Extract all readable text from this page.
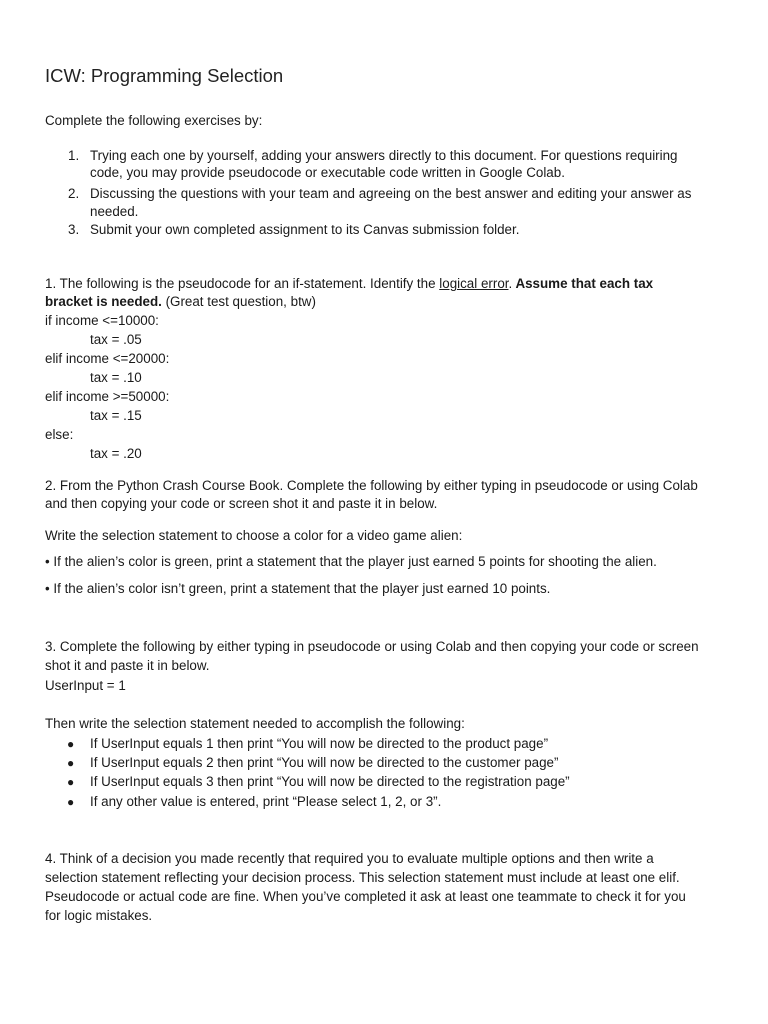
ICW: Programming Selection
Complete the following exercises by:
1. Trying each one by yourself, adding your answers directly to this document. For questions requiring
code, you may provide pseudocode or executable code written in Google Colab.
2. Discussing the questions with your team and agreeing on the best answer and editing your answer as
needed.
3. Submit your own completed assignment to its Canvas submission folder.
1. The following is the pseudocode for an if-statement. Identify the logical error. Assume that each tax
bracket is needed. (Great test question, btw)
if income <=10000:
tax = .05
elif income <=20000:
tax = .10
elif income >=50000:
tax = .15
else:
tax = .20
2. From the Python Crash Course Book. Complete the following by either typing in pseudocode or using Colab
and then copying your code or screen shot it and paste it in below.
Write the selection statement to choose a color for a video game alien:
• If the alien’s color is green, print a statement that the player just earned 5 points for shooting the alien.
• If the alien’s color isn’t green, print a statement that the player just earned 10 points.
3. Complete the following by either typing in pseudocode or using Colab and then copying your code or screen
shot it and paste it in below.
UserInput = 1
Then write the selection statement needed to accomplish the following:
● If UserInput equals 1 then print “You will now be directed to the product page”
● If UserInput equals 2 then print “You will now be directed to the customer page”
● If UserInput equals 3 then print “You will now be directed to the registration page”
● If any other value is entered, print “Please select 1, 2, or 3”.
4. Think of a decision you made recently that required you to evaluate multiple options and then write a
selection statement reflecting your decision process. This selection statement must include at least one elif.
Pseudocode or actual code are fine. When you’ve completed it ask at least one teammate to check it for you
for logic mistakes.
